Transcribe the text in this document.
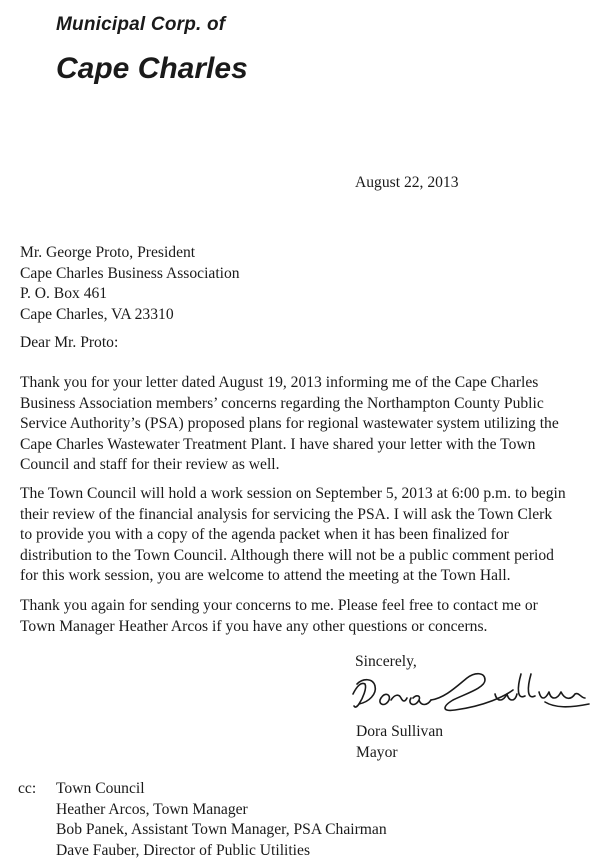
Municipal Corp. of
Cape Charles
August 22, 2013
Mr. George Proto, President
Cape Charles Business Association
P. O. Box 461
Cape Charles, VA 23310
Dear Mr. Proto:

Thank you for your letter dated August 19, 2013 informing me of the Cape Charles
Business Association members’ concerns regarding the Northampton County Public
Service Authority’s (PSA) proposed plans for regional wastewater system utilizing the
Cape Charles Wastewater Treatment Plant. I have shared your letter with the Town
Council and staff for their review as well.

The Town Council will hold a work session on September 5, 2013 at 6:00 p.m. to begin
their review of the financial analysis for servicing the PSA. I will ask the Town Clerk
to provide you with a copy of the agenda packet when it has been finalized for
distribution to the Town Council. Although there will not be a public comment period
for this work session, you are welcome to attend the meeting at the Town Hall.

Thank you again for sending your concerns to me. Please feel free to contact me or
Town Manager Heather Arcos if you have any other questions or concerns.

Sincerely,
Dora Sullivan
Mayor
cc: Town Council
Heather Arcos, Town Manager
Bob Panek, Assistant Town Manager, PSA Chairman
Dave Fauber, Director of Public Utilities
